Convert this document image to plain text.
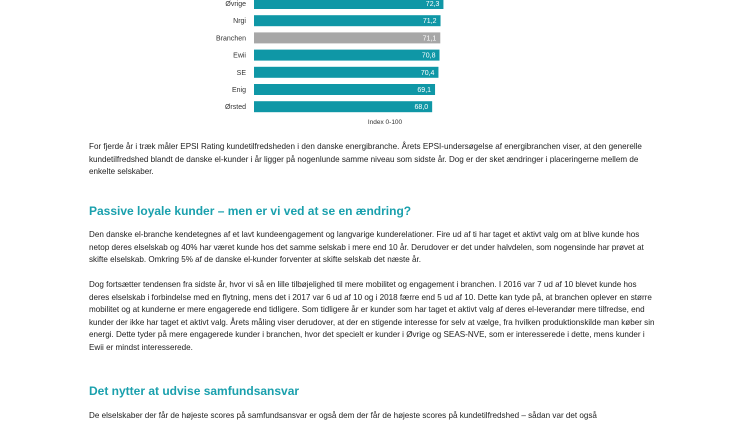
Øvrige	72,3
Nrgi	71,2
Branchen	71,1
Ewii	70,8
SE	70,4
Enig	69,1
Ørsted	68,0
Index 0-100

For fjerde år i træk måler EPSI Rating kundetilfredsheden i den danske energibranche. Årets EPSI-undersøgelse af energibranchen viser, at den generelle kundetilfredshed blandt de danske el-kunder i år ligger på nogenlunde samme niveau som sidste år. Dog er der sket ændringer i placeringerne mellem de enkelte selskaber.

Passive loyale kunder – men er vi ved at se en ændring?

Den danske el-branche kendetegnes af et lavt kundeengagement og langvarige kunderelationer. Fire ud af ti har taget et aktivt valg om at blive kunde hos netop deres elselskab og 40% har været kunde hos det samme selskab i mere end 10 år. Derudover er det under halvdelen, som nogensinde har prøvet at skifte elselskab. Omkring 5% af de danske el-kunder forventer at skifte selskab det næste år.

Dog fortsætter tendensen fra sidste år, hvor vi så en lille tilbøjelighed til mere mobilitet og engagement i branchen. I 2016 var 7 ud af 10 blevet kunde hos deres elselskab i forbindelse med en flytning, mens det i 2017 var 6 ud af 10 og i 2018 færre end 5 ud af 10. Dette kan tyde på, at branchen oplever en større mobilitet og at kunderne er mere engagerede end tidligere. Som tidligere år er kunder som har taget et aktivt valg af deres el-leverandør mere tilfredse, end kunder der ikke har taget et aktivt valg. Årets måling viser derudover, at der en stigende interesse for selv at vælge, fra hvilken produktionskilde man køber sin energi. Dette tyder på mere engagerede kunder i branchen, hvor det specielt er kunder i Øvrige og SEAS-NVE, som er interesserede i dette, mens kunder i Ewii er mindst interesserede.

Det nytter at udvise samfundsansvar

De elselskaber der får de højeste scores på samfundsansvar er også dem der får de højeste scores på kundetilfredshed – sådan var det også
